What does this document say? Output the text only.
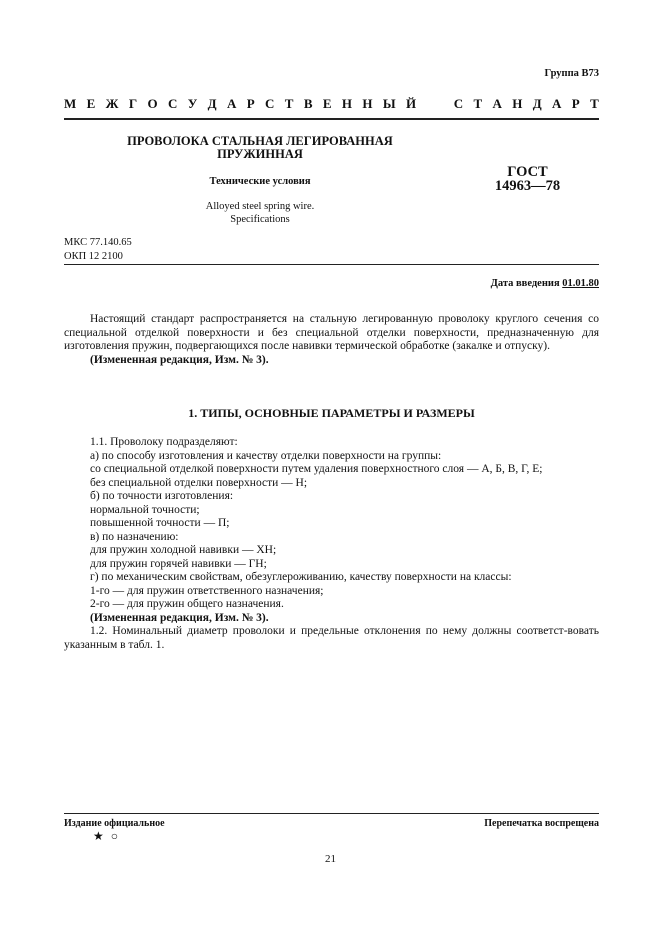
Группа В73
М Е Ж Г О С У Д А Р С Т В Е Н Н Ы Й

	С Т А Н Д А Р Т
ПРОВОЛОКА СТАЛЬНАЯ ЛЕГИРОВАННАЯ
ПРУЖИННАЯ
Технические условия
Alloyed steel spring wire.
Specifications
ГОСТ
14963—78
МКС 77.140.65
ОКП 12 2100
Дата введения 01.01.80
Настоящий стандарт распространяется на стальную легированную проволоку круглого сечения со специальной отделкой поверхности и без специальной отделки поверхности, предназначенную для изготовления пружин, подвергающихся после навивки термической обработке (закалке и отпуску).
(Измененная редакция, Изм. № 3).
1. ТИПЫ, ОСНОВНЫЕ ПАРАМЕТРЫ И РАЗМЕРЫ
1.1. Проволоку подразделяют:
а) по способу изготовления и качеству отделки поверхности на группы:
со специальной отделкой поверхности путем удаления поверхностного слоя — А, Б, В, Г, Е;
без специальной отделки поверхности — Н;
б) по точности изготовления:
нормальной точности;
повышенной точности — П;
в) по назначению:
для пружин холодной навивки — ХН;
для пружин горячей навивки — ГН;
г) по механическим свойствам, обезуглероживанию, качеству поверхности на классы:
1-го — для пружин ответственного назначения;
2-го — для пружин общего назначения.
(Измененная редакция, Изм. № 3).
1.2. Номинальный диаметр проволоки и предельные отклонения по нему должны соответст-вовать указанным в табл. 1.
Издание официальное	Перепечатка воспрещена
★ ○
21
